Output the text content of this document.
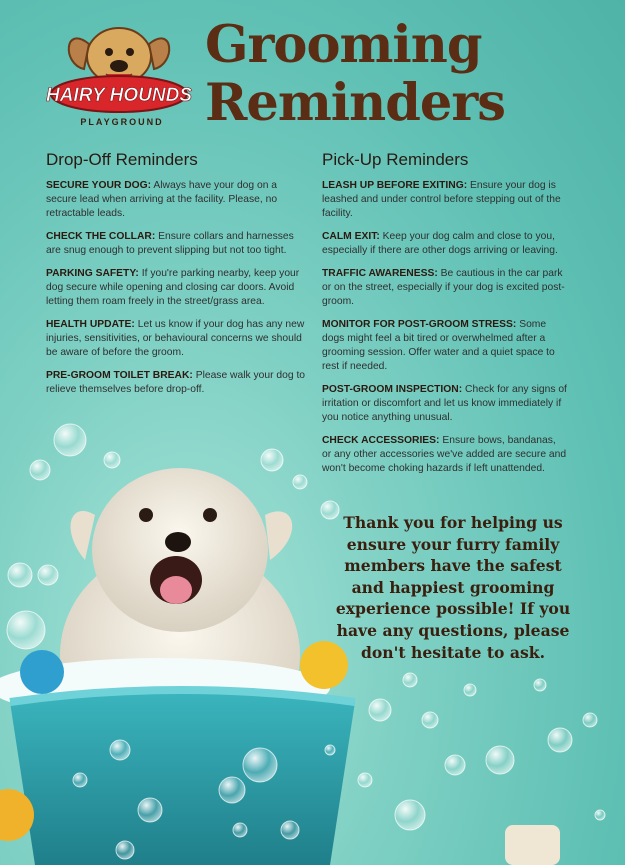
HAIRY HOUNDS
PLAYGROUND
Grooming
Reminders
Drop-Off Reminders

SECURE YOUR DOG: Always have your dog on a secure lead when arriving at the facility. Please, no retractable leads.

CHECK THE COLLAR: Ensure collars and harnesses are snug enough to prevent slipping but not too tight.

PARKING SAFETY: If you're parking nearby, keep your dog secure while opening and closing car doors. Avoid letting them roam freely in the street/grass area.

HEALTH UPDATE: Let us know if your dog has any new injuries, sensitivities, or behavioural concerns we should be aware of before the groom.

PRE-GROOM TOILET BREAK: Please walk your dog to relieve themselves before drop-off.

Pick-Up Reminders

LEASH UP BEFORE EXITING: Ensure your dog is leashed and under control before stepping out of the facility.

CALM EXIT: Keep your dog calm and close to you, especially if there are other dogs arriving or leaving.

TRAFFIC AWARENESS: Be cautious in the car park or on the street, especially if your dog is excited post-groom.

MONITOR FOR POST-GROOM STRESS: Some dogs might feel a bit tired or overwhelmed after a grooming session. Offer water and a quiet space to rest if needed.

POST-GROOM INSPECTION: Check for any signs of irritation or discomfort and let us know immediately if you notice anything unusual.

CHECK ACCESSORIES: Ensure bows, bandanas, or any other accessories we've added are secure and won't become choking hazards if left unattended.

Thank you for helping us ensure your furry family members have the safest and happiest grooming experience possible! If you have any questions, please don't hesitate to ask.
